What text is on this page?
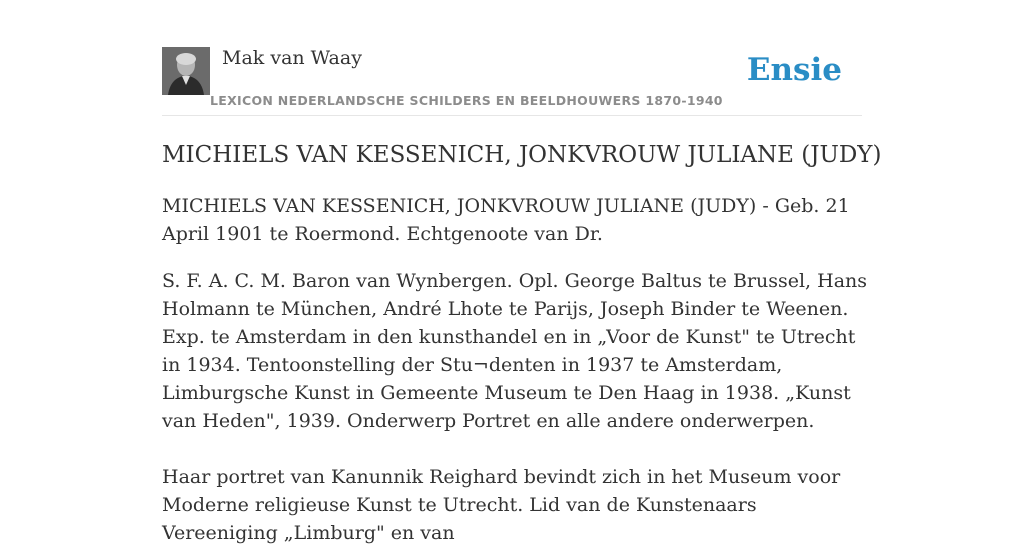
Mak van Waay
LEXICON NEDERLANDSCHE SCHILDERS EN BEELDHOUWERS 1870-1940
Ensie
MICHIELS VAN KESSENICH, JONKVROUW JULIANE (JUDY)

MICHIELS VAN KESSENICH, JONKVROUW JULIANE (JUDY) - Geb. 21 April 1901 te Roermond. Echtgenoote van Dr.

S. F. A. C. M. Baron van Wynbergen. Opl. George Baltus te Brussel, Hans Holmann te München, André Lhote te Parijs, Joseph Binder te Weenen. Exp. te Amsterdam in den kunsthandel en in „Voor de Kunst" te Utrecht in 1934. Tentoonstelling der Stu¬denten in 1937 te Amsterdam, Limburgsche Kunst in Gemeente Museum te Den Haag in 1938. „Kunst van Heden", 1939. Onderwerp Portret en alle andere onderwerpen.

Haar portret van Kanunnik Reighard bevindt zich in het Museum voor Moderne religieuse Kunst te Utrecht. Lid van de Kunstenaars Vereeniging „Limburg" en van
